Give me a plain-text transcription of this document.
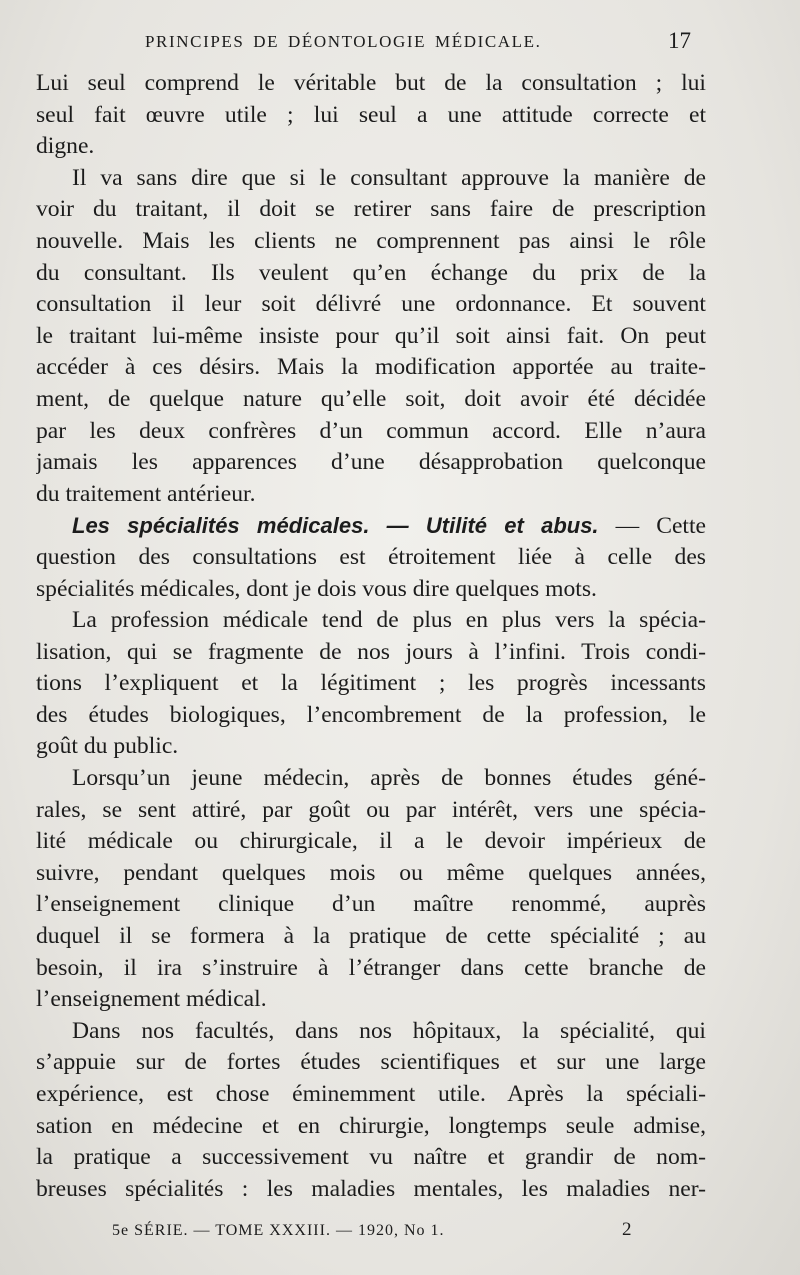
PRINCIPES DE DÉONTOLOGIE MÉDICALE.	17
Lui seul comprend le véritable but de la consultation ; lui
seul fait œuvre utile ; lui seul a une attitude correcte et
digne.
Il va sans dire que si le consultant approuve la manière de
voir du traitant, il doit se retirer sans faire de prescription
nouvelle. Mais les clients ne comprennent pas ainsi le rôle
du consultant. Ils veulent qu’en échange du prix de la
consultation il leur soit délivré une ordonnance. Et souvent
le traitant lui-même insiste pour qu’il soit ainsi fait. On peut
accéder à ces désirs. Mais la modification apportée au traite-
ment, de quelque nature qu’elle soit, doit avoir été décidée
par les deux confrères d’un commun accord. Elle n’aura
jamais les apparences d’une désapprobation quelconque
du traitement antérieur.
Les spécialités médicales. — Utilité et abus. — Cette
question des consultations est étroitement liée à celle des
spécialités médicales, dont je dois vous dire quelques mots.
La profession médicale tend de plus en plus vers la spécia-
lisation, qui se fragmente de nos jours à l’infini. Trois condi-
tions l’expliquent et la légitiment ; les progrès incessants
des études biologiques, l’encombrement de la profession, le
goût du public.
Lorsqu’un jeune médecin, après de bonnes études géné-
rales, se sent attiré, par goût ou par intérêt, vers une spécia-
lité médicale ou chirurgicale, il a le devoir impérieux de
suivre, pendant quelques mois ou même quelques années,
l’enseignement clinique d’un maître renommé, auprès
duquel il se formera à la pratique de cette spécialité ; au
besoin, il ira s’instruire à l’étranger dans cette branche de
l’enseignement médical.
Dans nos facultés, dans nos hôpitaux, la spécialité, qui
s’appuie sur de fortes études scientifiques et sur une large
expérience, est chose éminemment utile. Après la spéciali-
sation en médecine et en chirurgie, longtemps seule admise,
la pratique a successivement vu naître et grandir de nom-
breuses spécialités : les maladies mentales, les maladies ner-
5e SÉRIE. — TOME XXXIII. — 1920, No 1.	2
